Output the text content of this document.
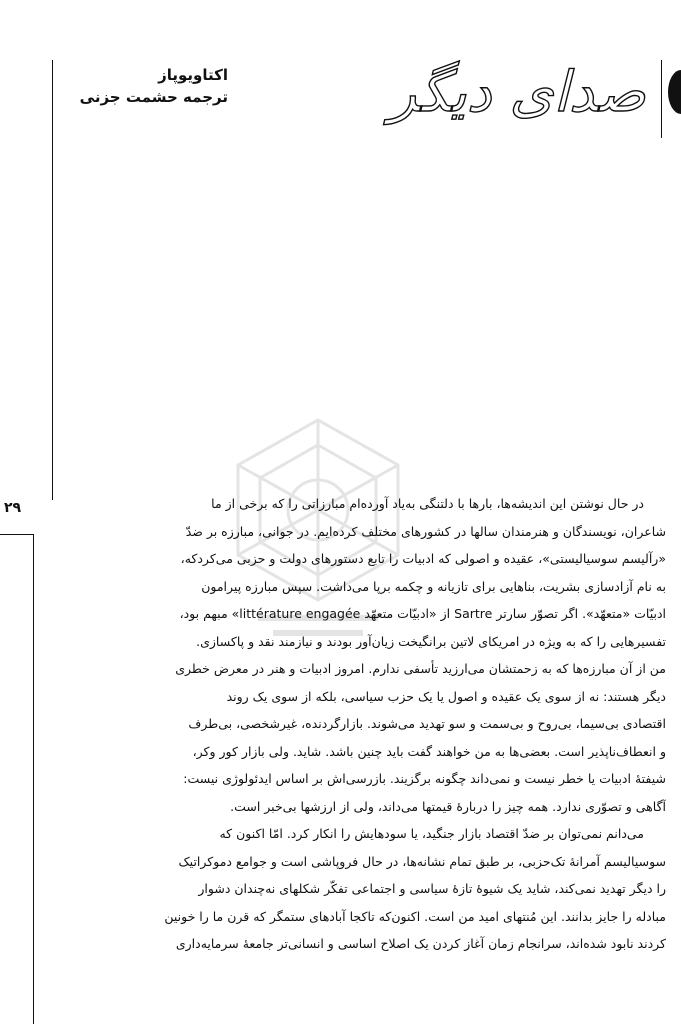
صدای دیگر
اکتاویوپاز
ترجمه‌ حشمت جزنی
۲۹	در حال نوشتن این اندیشه‌ها، بارها با دلتنگی به‌یاد آورده‌ام مبارزاتی را که برخی از ما
شاعران، نویسندگان و هنرمندان سالها در کشورهای مختلف کرده‌ایم. در جوانی، مبارزه بر ضدّ
«رآلیسم سوسیالیستی»، عقیده و اصولی که ادبیات را تابع دستورهای دولت و حزبی می‌کردکه،
به نام آزادسازی بشریت، بناهایی برای تازیانه و چکمه برپا می‌داشت. سپس مبارزه پیرامون
ادبیّات «متعهّد». اگر تصوّر سارتر Sartre از «ادبیّات متعهّد littérature engagée» مبهم بود،
تفسیرهایی را که به ویژه در امریکای لاتین برانگیخت زیان‌آور بودند و نیازمند نقد و پاکسازی.
من از آن مبارزه‌ها که به زحمتشان می‌ارزید تأسفی ندارم. امروز ادبیات و هنر در معرض خطری
دیگر هستند: نه از سوی یک عقیده و اصول یا یک حزب سیاسی، بلکه از سوی یک روند
اقتصادی بی‌سیما، بی‌روح و بی‌سمت و سو تهدید می‌شوند. بازارگردنده، غیرشخصی، بی‌طرف
و انعطاف‌ناپذیر است. بعضی‌ها به من خواهند گفت باید چنین باشد. شاید. ولی بازار کور وکر،
شیفتهٔ ادبیات یا خطر نیست و نمی‌داند چگونه برگزیند. بازرسی‌اش بر اساس ایدئولوژی نیست:
آگاهی و تصوّری ندارد. همه چیز را دربارهٔ قیمتها می‌داند، ولی از ارزشها بی‌خبر است.
می‌دانم نمی‌توان بر ضدّ اقتصاد بازار جنگید، یا سودهایش را انکار کرد. امّا اکنون که
سوسیالیسم آمرانهٔ تک‌حزبی، بر طبق تمام نشانه‌ها، در حال فروپاشی است و جوامع دموکراتیک
را دیگر تهدید نمی‌کند، شاید یک شیوهٔ تازهٔ سیاسی و اجتماعی تفکّر شکلهای نه‌چندان دشوار
مبادله را جایز بدانند. این مُنتهای امید من است. اکنون‌که تاکجا آبادهای ستمگر که قرن ما را خونین
کردند نابود شده‌اند، سرانجام زمان آغاز کردن یک اصلاح اساسی و انسانی‌تر جامعهٔ سرمایه‌داری
